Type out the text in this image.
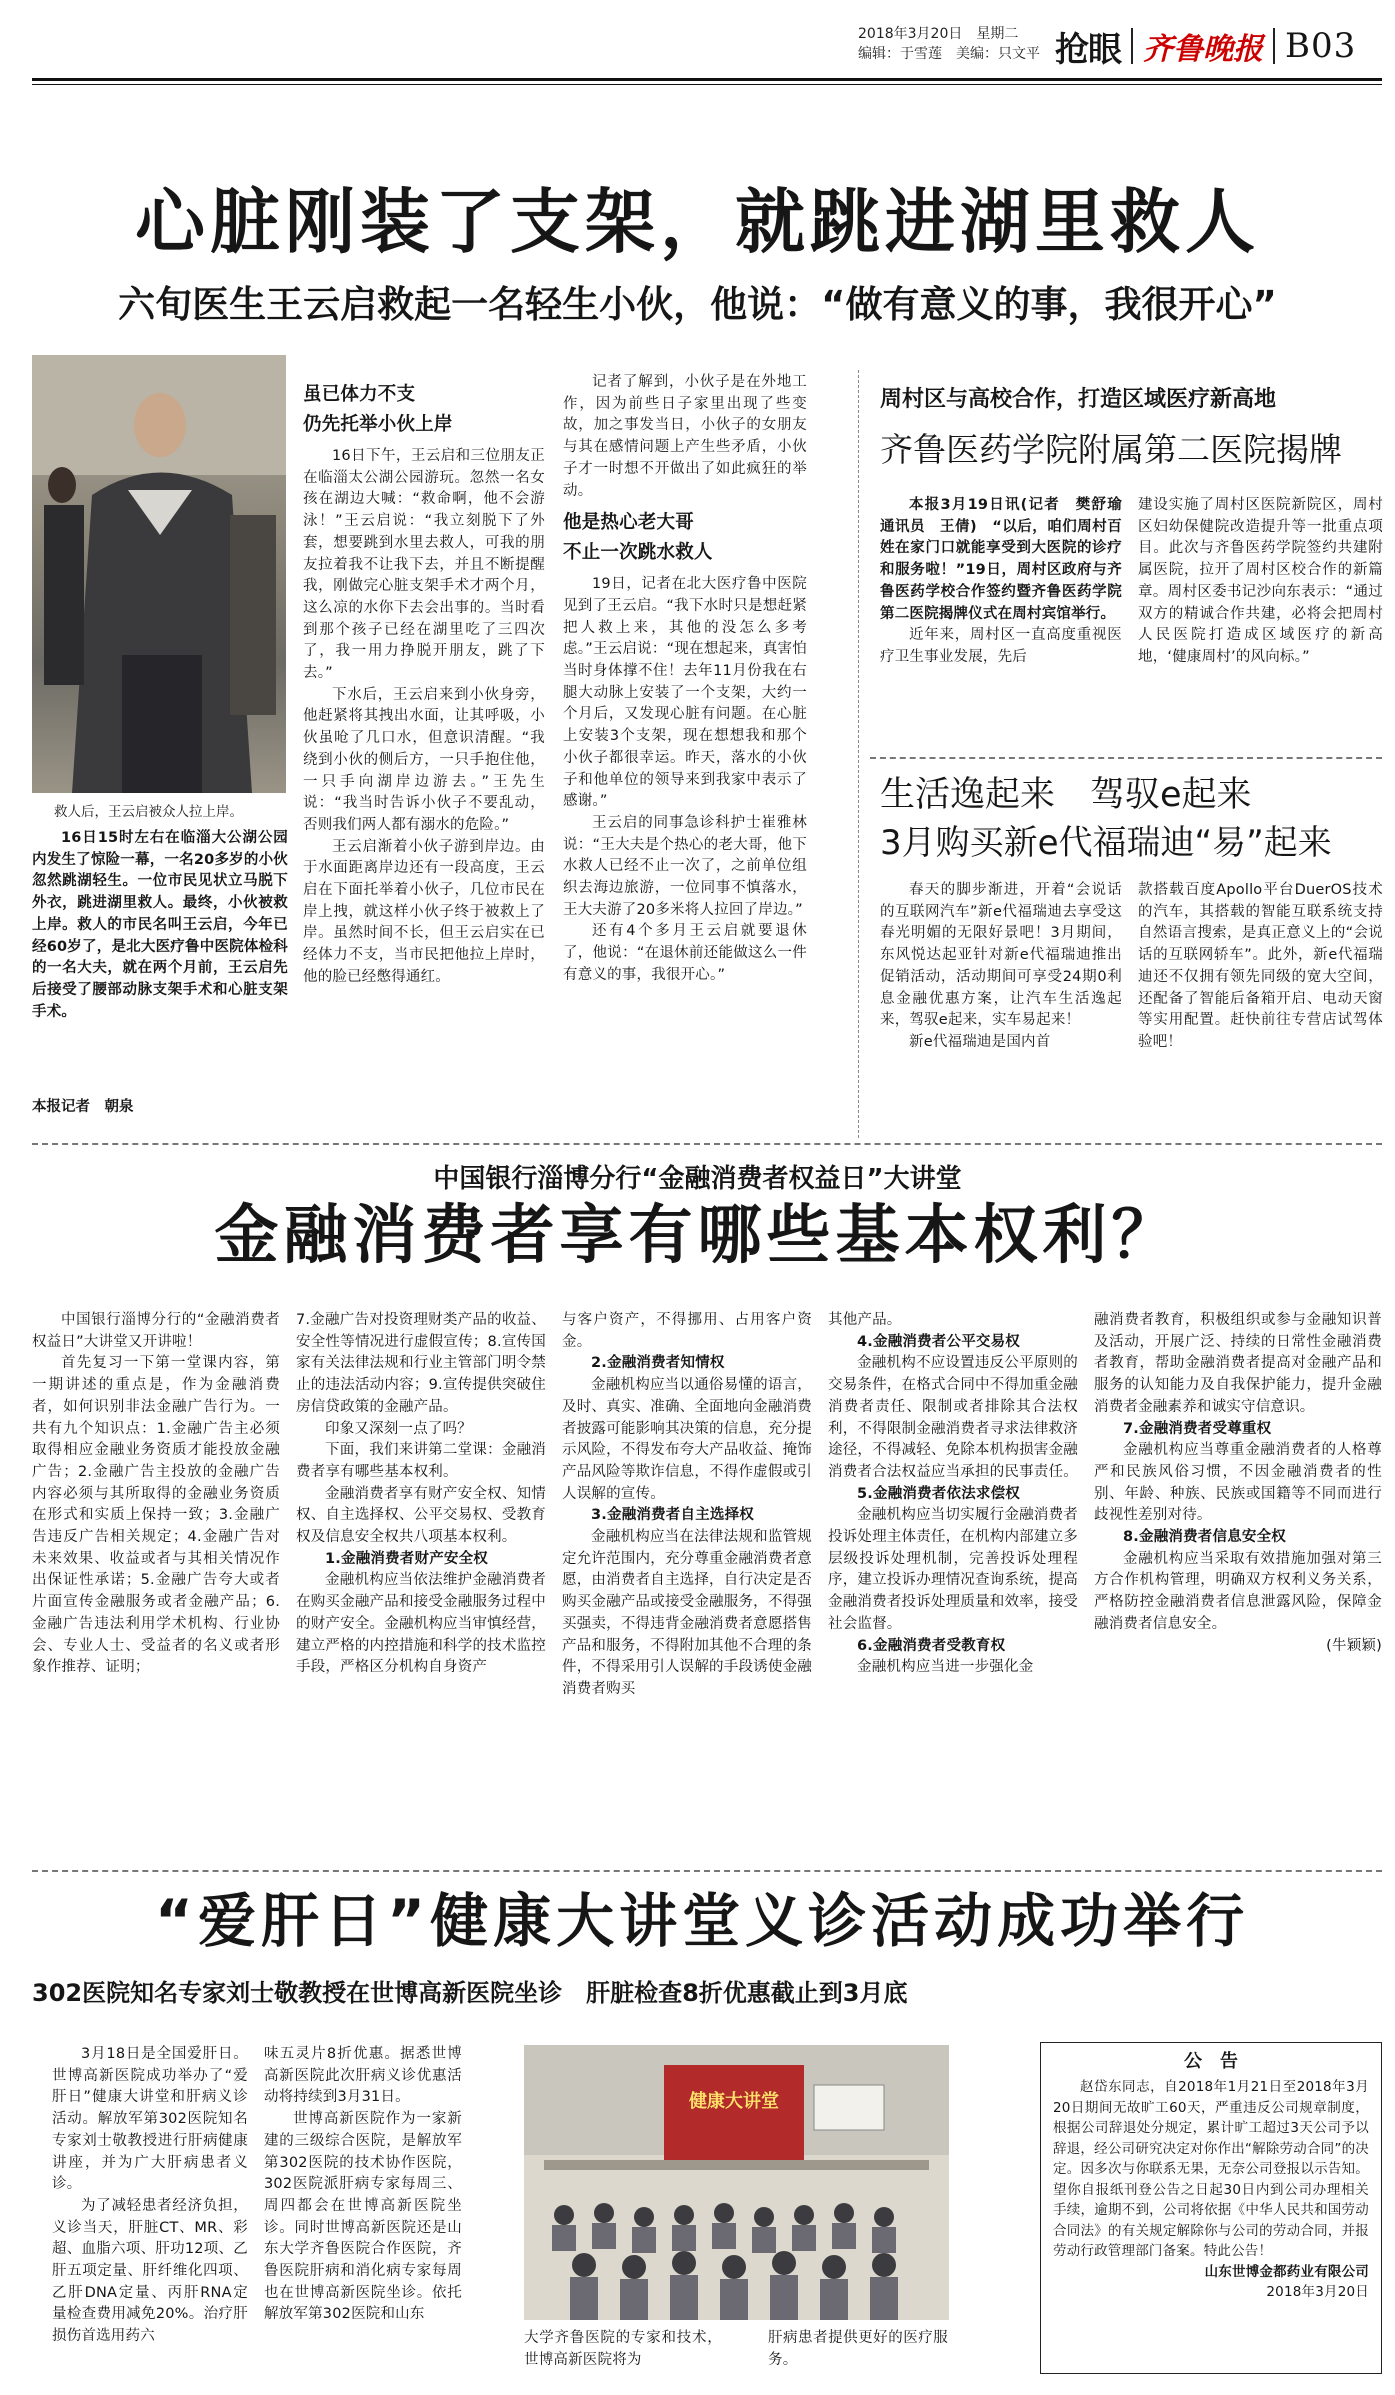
2018年3月20日　星期二
编辑：于雪莲　美编：只文平 抢眼 齐鲁晚报 B03
心脏刚装了支架，就跳进湖里救人
六旬医生王云启救起一名轻生小伙，他说：“做有意义的事，我很开心”
救人后，王云启被众人拉上岸。

16日15时左右在临淄大公湖公园内发生了惊险一幕，一名20多岁的小伙忽然跳湖轻生。一位市民见状立马脱下外衣，跳进湖里救人。最终，小伙被救上岸。救人的市民名叫王云启，今年已经60岁了，是北大医疗鲁中医院体检科的一名大夫，就在两个月前，王云启先后接受了腰部动脉支架手术和心脏支架手术。

本报记者　朝泉
虽已体力不支
仍先托举小伙上岸

16日下午，王云启和三位朋友正在临淄太公湖公园游玩。忽然一名女孩在湖边大喊：“救命啊，他不会游泳！”王云启说：“我立刻脱下了外套，想要跳到水里去救人，可我的朋友拉着我不让我下去，并且不断提醒我，刚做完心脏支架手术才两个月，这么凉的水你下去会出事的。当时看到那个孩子已经在湖里吃了三四次了，我一用力挣脱开朋友，跳了下去。”

下水后，王云启来到小伙身旁，他赶紧将其拽出水面，让其呼吸，小伙虽呛了几口水，但意识清醒。“我绕到小伙的侧后方，一只手抱住他，一只手向湖岸边游去。”王先生说：“我当时告诉小伙子不要乱动，否则我们两人都有溺水的危险。”

王云启渐着小伙子游到岸边。由于水面距离岸边还有一段高度，王云启在下面托举着小伙子，几位市民在岸上拽，就这样小伙子终于被救上了岸。虽然时间不长，但王云启实在已经体力不支，当市民把他拉上岸时，他的脸已经憋得通红。

记者了解到，小伙子是在外地工作，因为前些日子家里出现了些变故，加之事发当日，小伙子的女朋友与其在感情问题上产生些矛盾，小伙子才一时想不开做出了如此疯狂的举动。

他是热心老大哥
不止一次跳水救人

19日，记者在北大医疗鲁中医院见到了王云启。“我下水时只是想赶紧把人救上来，其他的没怎么多考虑。”王云启说：“现在想起来，真害怕当时身体撑不住！去年11月份我在右腿大动脉上安装了一个支架，大约一个月后，又发现心脏有问题。在心脏上安装3个支架，现在想想我和那个小伙子都很幸运。昨天，落水的小伙子和他单位的领导来到我家中表示了感谢。”

王云启的同事急诊科护士崔雅林说：“王大夫是个热心的老大哥，他下水救人已经不止一次了，之前单位组织去海边旅游，一位同事不慎落水，王大夫游了20多米将人拉回了岸边。”

还有4个多月王云启就要退休了，他说：“在退休前还能做这么一件有意义的事，我很开心。”

周村区与高校合作，打造区域医疗新高地
齐鲁医药学院附属第二医院揭牌

本报3月19日讯(记者　樊舒瑜　通讯员　王倩)　“以后，咱们周村百姓在家门口就能享受到大医院的诊疗和服务啦！”19日，周村区政府与齐鲁医药学校合作签约暨齐鲁医药学院第二医院揭牌仪式在周村宾馆举行。

近年来，周村区一直高度重视医疗卫生事业发展，先后

建设实施了周村区医院新院区，周村区妇幼保健院改造提升等一批重点项目。此次与齐鲁医药学院签约共建附属医院，拉开了周村区校合作的新篇章。周村区委书记沙向东表示：“通过双方的精诚合作共建，必将会把周村人民医院打造成区域医疗的新高地，‘健康周村’的风向标。”

生活逸起来　驾驭e起来
3月购买新e代福瑞迪“易”起来

春天的脚步渐进，开着“会说话的互联网汽车”新e代福瑞迪去享受这春光明媚的无限好景吧！3月期间，东风悦达起亚针对新e代福瑞迪推出促销活动，活动期间可享受24期0利息金融优惠方案，让汽车生活逸起来，驾驭e起来，实车易起来！

新e代福瑞迪是国内首

款搭载百度Apollo平台DuerOS技术的汽车，其搭载的智能互联系统支持自然语言搜索，是真正意义上的“会说话的互联网轿车”。此外，新e代福瑞迪还不仅拥有领先同级的宽大空间，还配备了智能后备箱开启、电动天窗等实用配置。赶快前往专营店试驾体验吧！

中国银行淄博分行“金融消费者权益日”大讲堂
金融消费者享有哪些基本权利？

中国银行淄博分行的“金融消费者权益日”大讲堂又开讲啦！

首先复习一下第一堂课内容，第一期讲述的重点是，作为金融消费者，如何识别非法金融广告行为。一共有九个知识点：1.金融广告主必须取得相应金融业务资质才能投放金融广告；2.金融广告主投放的金融广告内容必须与其所取得的金融业务资质在形式和实质上保持一致；3.金融广告违反广告相关规定；4.金融广告对未来效果、收益或者与其相关情况作出保证性承诺；5.金融广告夸大或者片面宣传金融服务或者金融产品；6.金融广告违法利用学术机构、行业协会、专业人士、受益者的名义或者形象作推荐、证明；

7.金融广告对投资理财类产品的收益、安全性等情况进行虚假宣传；8.宣传国家有关法律法规和行业主管部门明令禁止的违法活动内容；9.宣传提供突破住房信贷政策的金融产品。

印象又深刻一点了吗？

下面，我们来讲第二堂课：金融消费者享有哪些基本权利。

金融消费者享有财产安全权、知情权、自主选择权、公平交易权、受教育权及信息安全权共八项基本权利。

1.金融消费者财产安全权

金融机构应当依法维护金融消费者在购买金融产品和接受金融服务过程中的财产安全。金融机构应当审慎经营，建立严格的内控措施和科学的技术监控手段，严格区分机构自身资产

与客户资产，不得挪用、占用客户资金。

2.金融消费者知情权

金融机构应当以通俗易懂的语言，及时、真实、准确、全面地向金融消费者披露可能影响其决策的信息，充分提示风险，不得发布夸大产品收益、掩饰产品风险等欺诈信息，不得作虚假或引人误解的宣传。

3.金融消费者自主选择权

金融机构应当在法律法规和监管规定允许范围内，充分尊重金融消费者意愿，由消费者自主选择，自行决定是否购买金融产品或接受金融服务，不得强买强卖，不得违背金融消费者意愿搭售产品和服务，不得附加其他不合理的条件，不得采用引人误解的手段诱使金融消费者购买

其他产品。

4.金融消费者公平交易权

金融机构不应设置违反公平原则的交易条件，在格式合同中不得加重金融消费者责任、限制或者排除其合法权利，不得限制金融消费者寻求法律救济途径，不得减轻、免除本机构损害金融消费者合法权益应当承担的民事责任。

5.金融消费者依法求偿权

金融机构应当切实履行金融消费者投诉处理主体责任，在机构内部建立多层级投诉处理机制，完善投诉处理程序，建立投诉办理情况查询系统，提高金融消费者投诉处理质量和效率，接受社会监督。

6.金融消费者受教育权

金融机构应当进一步强化金

融消费者教育，积极组织或参与金融知识普及活动，开展广泛、持续的日常性金融消费者教育，帮助金融消费者提高对金融产品和服务的认知能力及自我保护能力，提升金融消费者金融素养和诚实守信意识。

7.金融消费者受尊重权

金融机构应当尊重金融消费者的人格尊严和民族风俗习惯，不因金融消费者的性别、年龄、种族、民族或国籍等不同而进行歧视性差别对待。

8.金融消费者信息安全权

金融机构应当采取有效措施加强对第三方合作机构管理，明确双方权利义务关系，严格防控金融消费者信息泄露风险，保障金融消费者信息安全。

(牛颖颖)
“爱肝日”健康大讲堂义诊活动成功举行
302医院知名专家刘士敬教授在世博高新医院坐诊　肝脏检查8折优惠截止到3月底

3月18日是全国爱肝日。世博高新医院成功举办了“爱肝日”健康大讲堂和肝病义诊活动。解放军第302医院知名专家刘士敬教授进行肝病健康讲座，并为广大肝病患者义诊。

为了减轻患者经济负担，义诊当天，肝脏CT、MR、彩超、血脂六项、肝功12项、乙肝五项定量、肝纤维化四项、乙肝DNA定量、丙肝RNA定量检查费用减免20%。治疗肝损伤首选用药六

味五灵片8折优惠。据悉世博高新医院此次肝病义诊优惠活动将持续到3月31日。

世博高新医院作为一家新建的三级综合医院，是解放军第302医院的技术协作医院，302医院派肝病专家每周三、周四都会在世博高新医院坐诊。同时世博高新医院还是山东大学齐鲁医院合作医院，齐鲁医院肝病和消化病专家每周也在世博高新医院坐诊。依托解放军第302医院和山东

健康大讲堂

大学齐鲁医院的专家和技术，世博高新医院将为

肝病患者提供更好的医疗服务。

公　告

赵岱东同志，自2018年1月21日至2018年3月20日期间无故旷工60天，严重违反公司规章制度，根据公司辞退处分规定，累计旷工超过3天公司予以辞退，经公司研究决定对你作出“解除劳动合同”的决定。因多次与你联系无果，无奈公司登报以示告知。望你自报纸刊登公告之日起30日内到公司办理相关手续，逾期不到，公司将依据《中华人民共和国劳动合同法》的有关规定解除你与公司的劳动合同，并报劳动行政管理部门备案。特此公告！

山东世博金都药业有限公司
2018年3月20日
